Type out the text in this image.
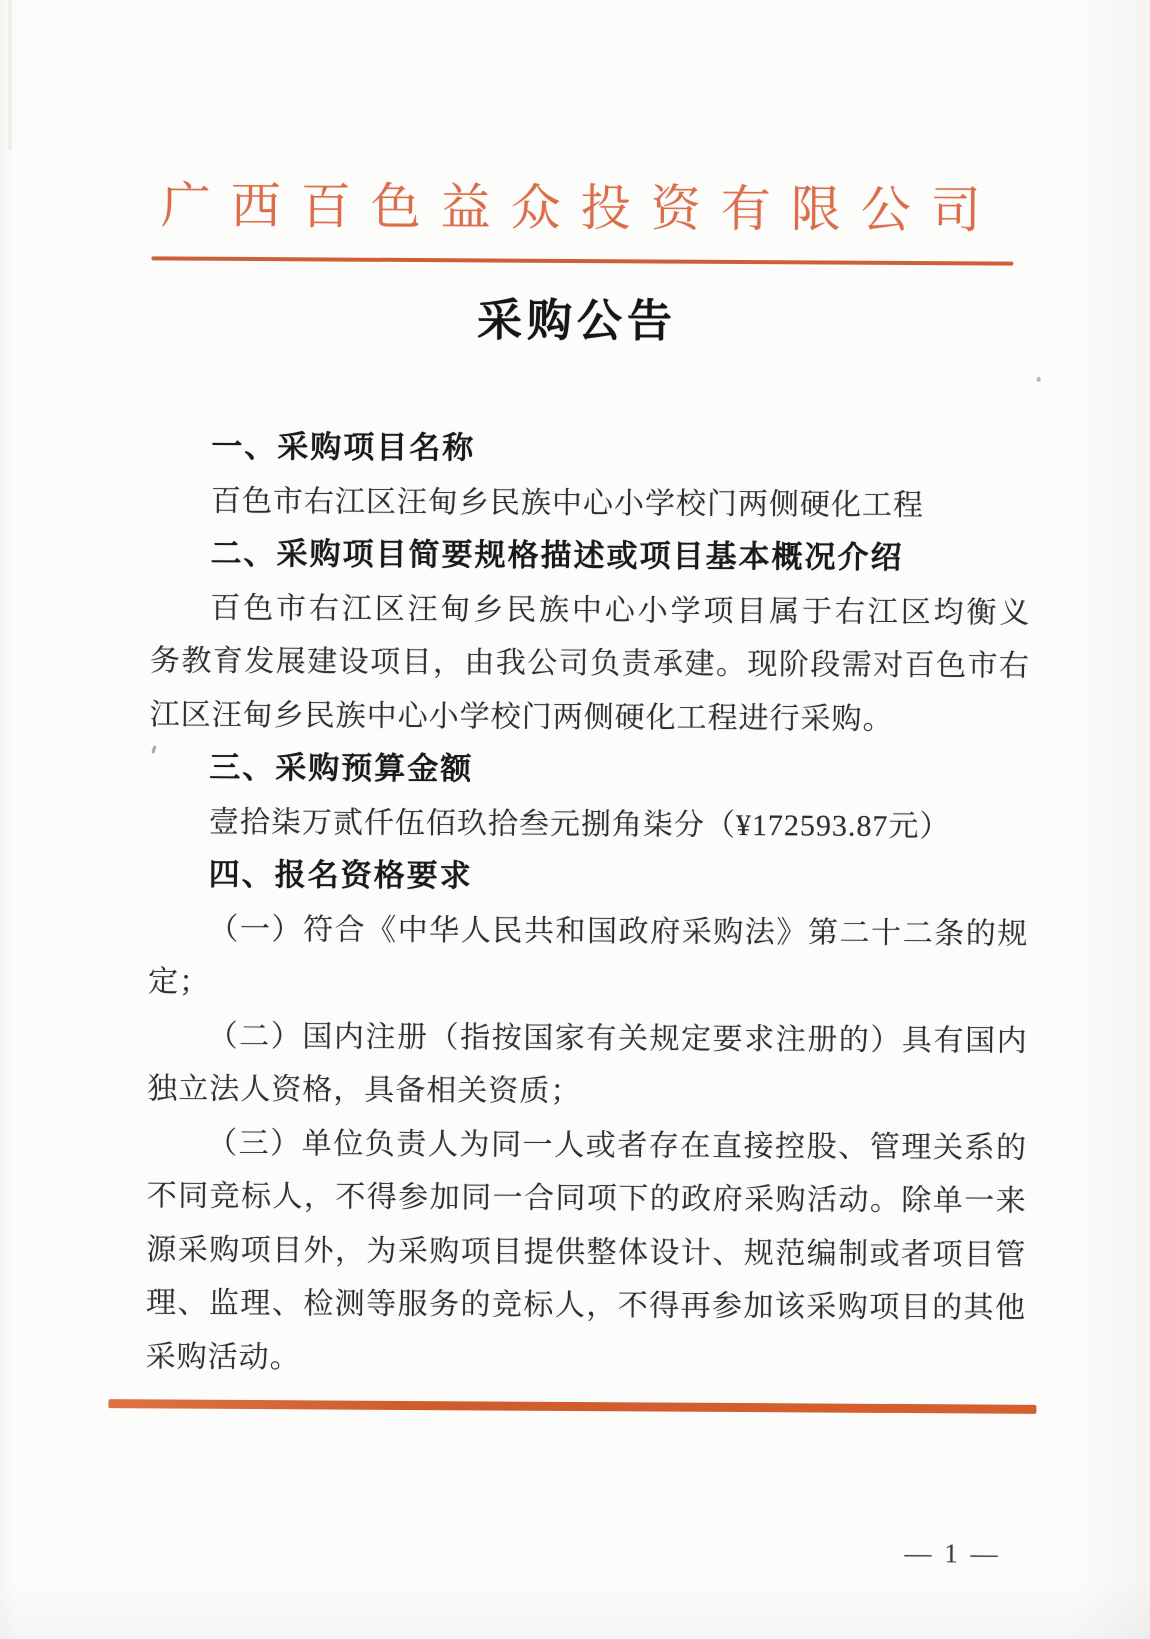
广西百色益众投资有限公司
采购公告
一、采购项目名称
百色市右江区汪甸乡民族中心小学校门两侧硬化工程
二、采购项目简要规格描述或项目基本概况介绍
百色市右江区汪甸乡民族中心小学项目属于右江区均衡义
务教育发展建设项目，由我公司负责承建。现阶段需对百色市右
江区汪甸乡民族中心小学校门两侧硬化工程进行采购。
三、采购预算金额
壹拾柒万贰仟伍佰玖拾叁元捌角柒分（¥172593.87元）
四、报名资格要求
（一）符合《中华人民共和国政府采购法》第二十二条的规
定；
（二）国内注册（指按国家有关规定要求注册的）具有国内
独立法人资格，具备相关资质；
（三）单位负责人为同一人或者存在直接控股、管理关系的
不同竞标人，不得参加同一合同项下的政府采购活动。除单一来
源采购项目外，为采购项目提供整体设计、规范编制或者项目管
理、监理、检测等服务的竞标人，不得再参加该采购项目的其他
采购活动。
— 1 —
